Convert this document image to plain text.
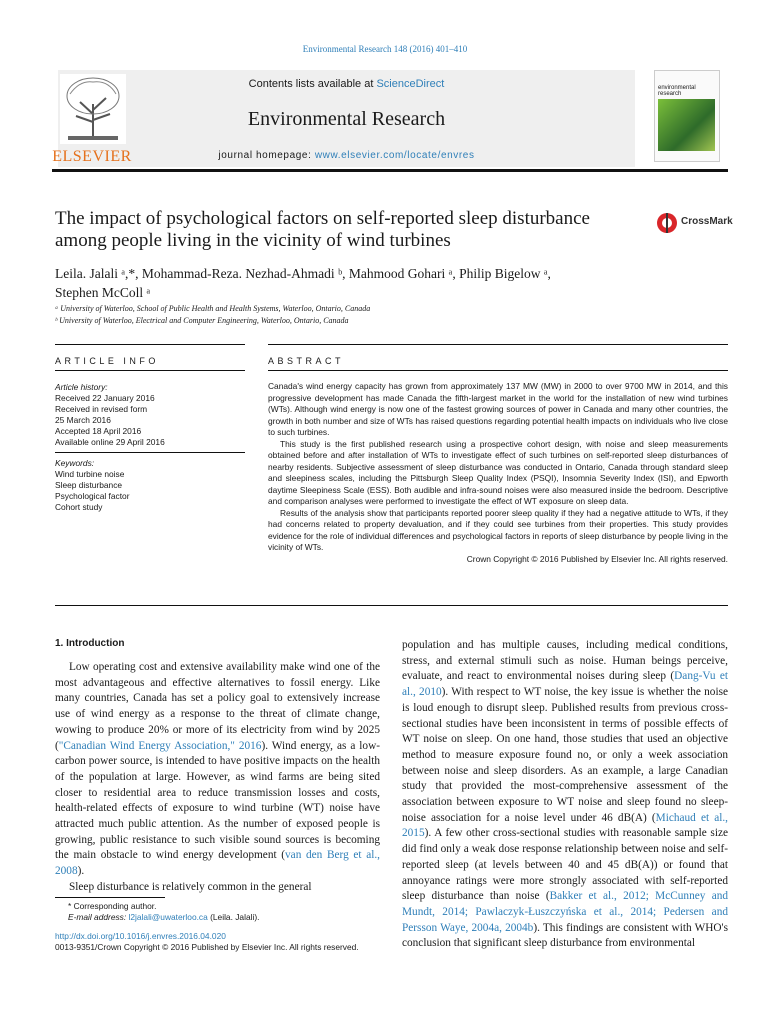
Environmental Research 148 (2016) 401–410
ELSEVIER
Contents lists available at ScienceDirect
Environmental Research
journal homepage: www.elsevier.com/locate/envres
environmental research
The impact of psychological factors on self-reported sleep disturbance
among people living in the vicinity of wind turbines
CrossMark
Leila. Jalali ᵃ,*, Mohammad-Reza. Nezhad-Ahmadi ᵇ, Mahmood Gohari ᵃ, Philip Bigelow ᵃ,
Stephen McColl ᵃ
ᵃ University of Waterloo, School of Public Health and Health Systems, Waterloo, Ontario, Canada
ᵇ University of Waterloo, Electrical and Computer Engineering, Waterloo, Ontario, Canada
ARTICLE INFO	ABSTRACT
Article history:
Received 22 January 2016
Received in revised form
25 March 2016
Accepted 18 April 2016
Available online 29 April 2016
Keywords:
Wind turbine noise
Sleep disturbance
Psychological factor
Cohort study

Canada's wind energy capacity has grown from approximately 137 MW (MW) in 2000 to over 9700 MW in 2014, and this progressive development has made Canada the fifth-largest market in the world for the installation of new wind turbines (WTs). Although wind energy is now one of the fastest growing sources of power in Canada and many other countries, the growth in both number and size of WTs has raised questions regarding potential health impacts on individuals who live close to such turbines.

This study is the first published research using a prospective cohort design, with noise and sleep measurements obtained before and after installation of WTs to investigate effect of such turbines on self-reported sleep disturbances of nearby residents. Subjective assessment of sleep disturbance was conducted in Ontario, Canada through standard sleep and sleepiness scales, including the Pittsburgh Sleep Quality Index (PSQI), Insomnia Severity Index (ISI), and Epworth daytime Sleepiness Scale (ESS). Both audible and infra-sound noises were also measured inside the bedroom. Descriptive and comparison analyses were performed to investigate the effect of WT exposure on sleep data.

Results of the analysis show that participants reported poorer sleep quality if they had a negative attitude to WTs, if they had concerns related to property devaluation, and if they could see turbines from their properties. This study provides evidence for the role of individual differences and psychological factors in reports of sleep disturbance by people living in the vicinity of WTs.

Crown Copyright © 2016 Published by Elsevier Inc. All rights reserved.
1. Introduction

Low operating cost and extensive availability make wind one of the most advantageous and effective alternatives to fossil energy. Like many countries, Canada has set a policy goal to extensively increase use of wind energy as a response to the threat of climate change, wowing to produce 20% or more of its electricity from wind by 2025 ("Canadian Wind Energy Association," 2016). Wind energy, as a low-carbon power source, is intended to have positive impacts on the health of the population at large. However, as wind farms are being sited closer to residential area to reduce transmission losses and costs, health-related effects of exposure to wind turbine (WT) noise have attracted much public attention. As the number of exposed people is growing, public resistance to such visible sound sources is becoming the main obstacle to wind energy development (van den Berg et al., 2008).

Sleep disturbance is relatively common in the general

population and has multiple causes, including medical conditions, stress, and external stimuli such as noise. Human beings perceive, evaluate, and react to environmental noises during sleep (Dang-Vu et al., 2010). With respect to WT noise, the key issue is whether the noise is loud enough to disrupt sleep. Published results from previous cross-sectional studies have been inconsistent in terms of possible effects of WT noise on sleep. On one hand, those studies that used an objective method to measure exposure found no, or only a week association between noise and sleep disorders. As an example, a large Canadian study that provided the most-comprehensive assessment of the association between exposure to WT noise and sleep found no sleep-noise association for a noise level under 46 dB(A) (Michaud et al., 2015). A few other cross-sectional studies with reasonable sample size did find only a weak dose response relationship between noise and self-reported sleep (at levels between 40 and 45 dB(A)) or found that annoyance ratings were more strongly associated with self-reported sleep disturbance than noise (Bakker et al., 2012; McCunney and Mundt, 2014; Pawlaczyk-Łuszczyńska et al., 2014; Pedersen and Persson Waye, 2004a, 2004b). This findings are consistent with WHO's conclusion that significant sleep disturbance from environmental

* Corresponding author.
E-mail address: l2jalali@uwaterloo.ca (Leila. Jalali).
http://dx.doi.org/10.1016/j.envres.2016.04.020
0013-9351/Crown Copyright © 2016 Published by Elsevier Inc. All rights reserved.
